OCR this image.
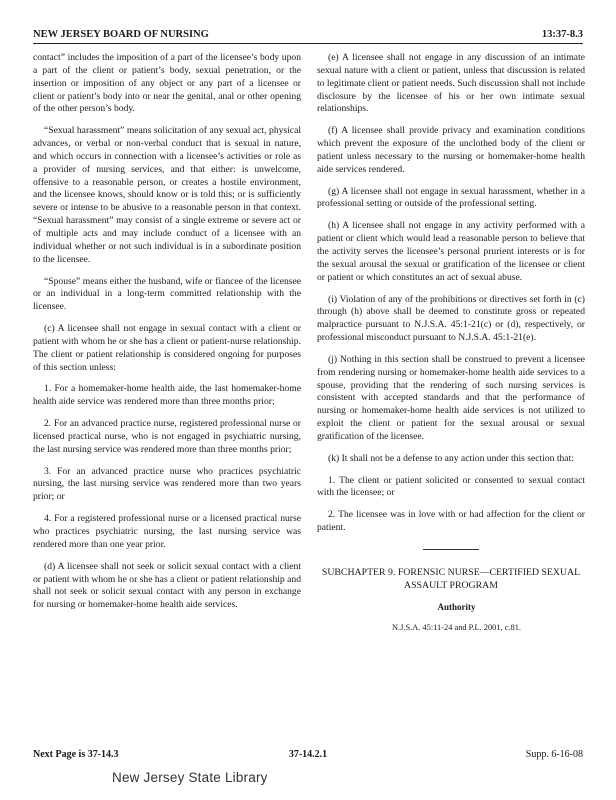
NEW JERSEY BOARD OF NURSING	13:37-8.3

contact” includes the imposition of a part of the licensee’s body upon a part of the client or patient’s body, sexual penetration, or the insertion or imposition of any object or any part of a licensee or client or patient’s body into or near the genital, anal or other opening of the other person’s body.

“Sexual harassment” means solicitation of any sexual act, physical advances, or verbal or non-verbal conduct that is sexual in nature, and which occurs in connection with a licensee’s activities or role as a provider of nursing services, and that either: is unwelcome, offensive to a reasonable person, or creates a hostile environment, and the licensee knows, should know or is told this; or is sufficiently severe or intense to be abusive to a reasonable person in that context. “Sexual harassment” may consist of a single extreme or severe act or of multiple acts and may include conduct of a licensee with an individual whether or not such individual is in a subordinate position to the licensee.

“Spouse” means either the husband, wife or fiancee of the licensee or an individual in a long-term committed relationship with the licensee.

(c) A licensee shall not engage in sexual contact with a client or patient with whom he or she has a client or patient-nurse relationship. The client or patient relationship is considered ongoing for purposes of this section unless:

1. For a homemaker-home health aide, the last homemaker-home health aide service was rendered more than three months prior;

2. For an advanced practice nurse, registered professional nurse or licensed practical nurse, who is not engaged in psychiatric nursing, the last nursing service was rendered more than three months prior;

3. For an advanced practice nurse who practices psychiatric nursing, the last nursing service was rendered more than two years prior; or

4. For a registered professional nurse or a licensed practical nurse who practices psychiatric nursing, the last nursing service was rendered more than one year prior.

(d) A licensee shall not seek or solicit sexual contact with a client or patient with whom he or she has a client or patient relationship and shall not seek or solicit sexual contact with any person in exchange for nursing or homemaker-home health aide services.

(e) A licensee shall not engage in any discussion of an intimate sexual nature with a client or patient, unless that discussion is related to legitimate client or patient needs. Such discussion shall not include disclosure by the licensee of his or her own intimate sexual relationships.

(f) A licensee shall provide privacy and examination conditions which prevent the exposure of the unclothed body of the client or patient unless necessary to the nursing or homemaker-home health aide services rendered.

(g) A licensee shall not engage in sexual harassment, whether in a professional setting or outside of the professional setting.

(h) A licensee shall not engage in any activity performed with a patient or client which would lead a reasonable person to believe that the activity serves the licensee’s personal prurient interests or is for the sexual arousal the sexual or gratification of the licensee or client or patient or which constitutes an act of sexual abuse.

(i) Violation of any of the prohibitions or directives set forth in (c) through (h) above shall be deemed to constitute gross or repeated malpractice pursuant to N.J.S.A. 45:1-21(c) or (d), respectively, or professional misconduct pursuant to N.J.S.A. 45:1-21(e).

(j) Nothing in this section shall be construed to prevent a licensee from rendering nursing or homemaker-home health aide services to a spouse, providing that the rendering of such nursing services is consistent with accepted standards and that the performance of nursing or homemaker-home health aide services is not utilized to exploit the client or patient for the sexual arousal or sexual gratification of the licensee.

(k) It shall not be a defense to any action under this section that:

1. The client or patient solicited or consented to sexual contact with the licensee; or

2. The licensee was in love with or had affection for the client or patient.

SUBCHAPTER 9. FORENSIC NURSE—CERTIFIED SEXUAL ASSAULT PROGRAM

Authority

N.J.S.A. 45:11-24 and P.L. 2001, c.81.

Next Page is 37-14.3	37-14.2.1	Supp. 6-16-08
New Jersey State Library
